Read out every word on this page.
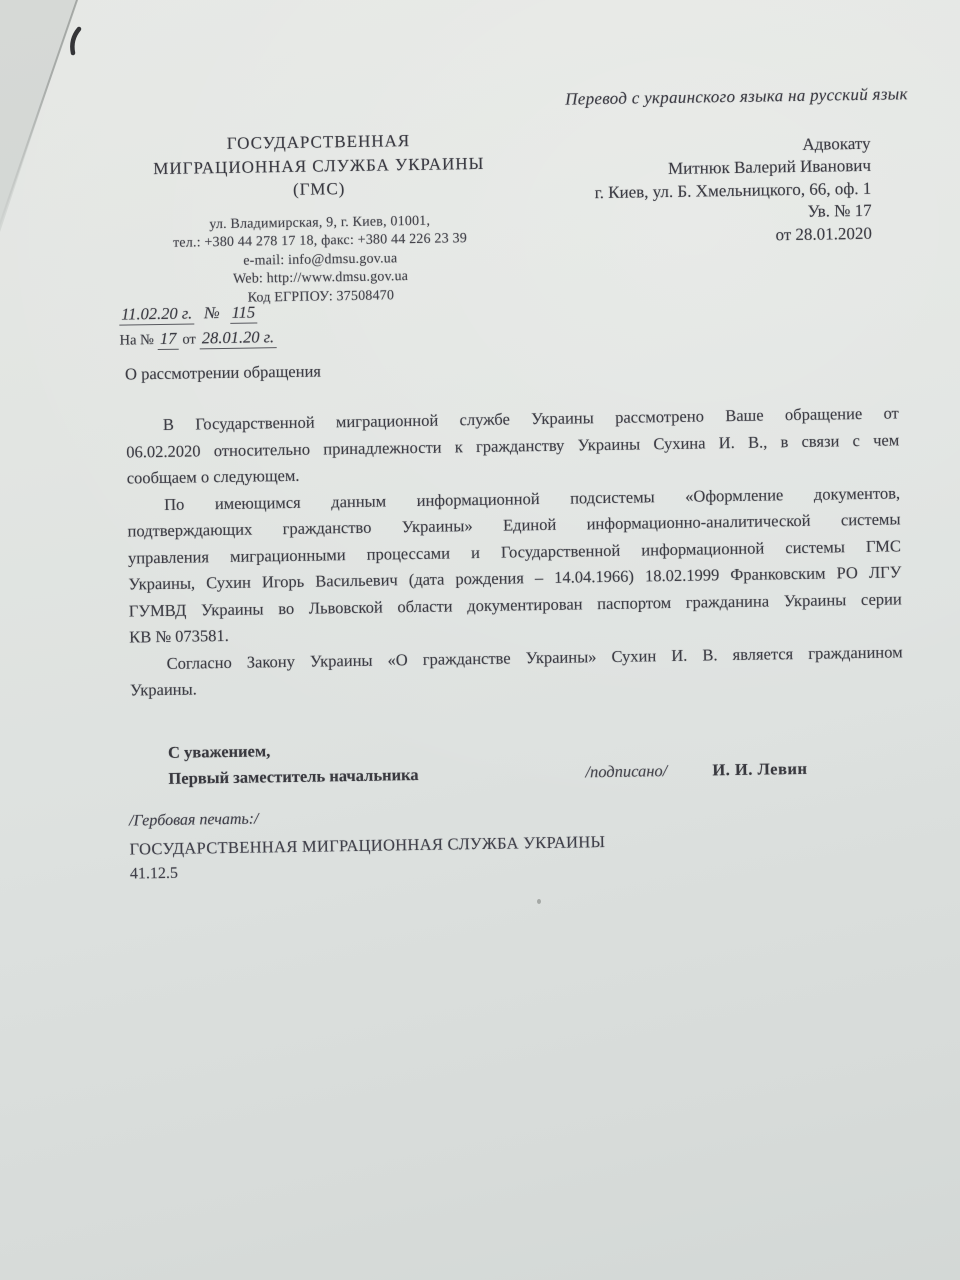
Перевод с украинского языка на русский язык
ГОСУДАРСТВЕННАЯ
МИГРАЦИОННАЯ СЛУЖБА УКРАИНЫ
(ГМС)
ул. Владимирская, 9, г. Киев, 01001,
тел.: +380 44 278 17 18, факс: +380 44 226 23 39
e-mail: info@dmsu.gov.ua
Web: http://www.dmsu.gov.ua
Код ЕГРПОУ: 37508470
Адвокату
Митнюк Валерий Иванович
г. Киев, ул. Б. Хмельницкого, 66, оф. 1
Ув. № 17
от 28.01.2020
11.02.20 г. № 115
На № 17 от 28.01.20 г.
О рассмотрении обращения
В Государственной миграционной службе Украины рассмотрено Ваше обращение от
06.02.2020 относительно принадлежности к гражданству Украины Сухина И. В., в связи с чем
сообщаем о следующем.
По имеющимся данным информационной подсистемы «Оформление документов,
подтверждающих гражданство Украины» Единой информационно-аналитической системы
управления миграционными процессами и Государственной информационной системы ГМС
Украины, Сухин Игорь Васильевич (дата рождения – 14.04.1966) 18.02.1999 Франковским РО ЛГУ
ГУМВД Украины во Львовской области документирован паспортом гражданина Украины серии
КВ № 073581.
Согласно Закону Украины «О гражданстве Украины» Сухин И. В. является гражданином
Украины.
С уважением,
Первый заместитель начальника	/подписано/	И. И. Левин
/Гербовая печать:/
ГОСУДАРСТВЕННАЯ МИГРАЦИОННАЯ СЛУЖБА УКРАИНЫ
41.12.5
